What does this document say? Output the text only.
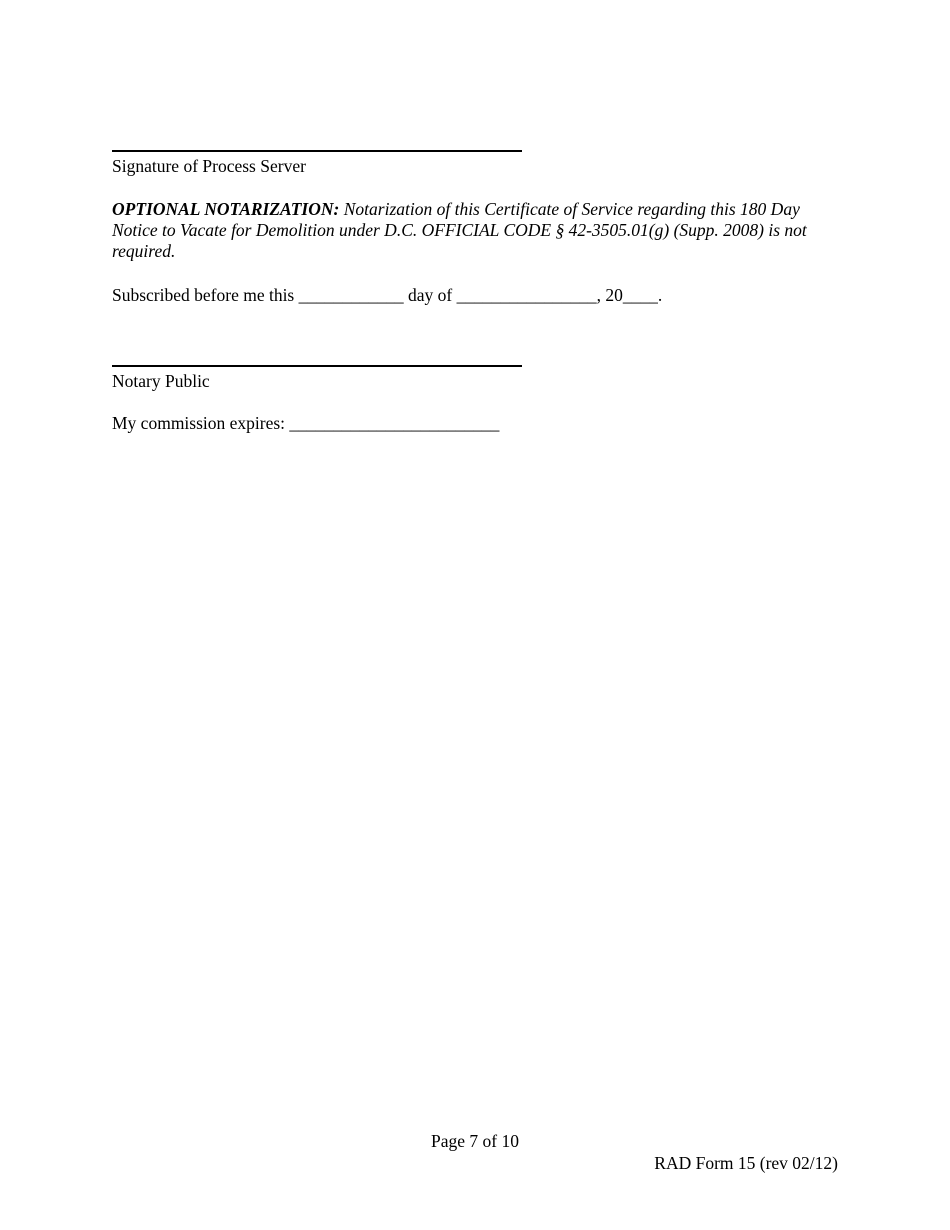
Signature of Process Server
OPTIONAL NOTARIZATION: Notarization of this Certificate of Service regarding this 180 Day Notice to Vacate for Demolition under D.C. OFFICIAL CODE § 42-3505.01(g) (Supp. 2008) is not required.
Subscribed before me this ____________ day of ________________, 20____.
Notary Public
My commission expires: ________________________
Page 7 of 10
RAD Form 15 (rev 02/12)
